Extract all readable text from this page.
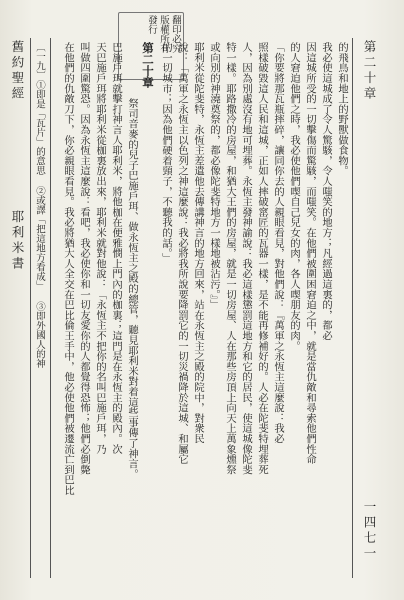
翻印必究
版權所有
發行
第二十章
一四七一
舊約聖經
耶利米書 〔一九〕①即是「瓦片」的意思 ②或譯「把這地方看成」 ③即外國人的神	的飛鳥和地上的野獸做食物。
我必使這城成了令人驚駭，令人嗤笑的地方；凡經過這裏的，都必
因這城所受的一切擊傷而驚駭，而嗤笑。在他們被圍困窘迫之中，就是當仇敵和尋索他們性命
的人窘迫他們之時，我必使他們喫自己兒女的肉，各人喫朋友的肉。
「你要將那瓦瓶摔碎，讓同你去的人親眼看見，對他們說：『萬軍之永恆主這麼說：我必
照樣破毀這人民和這城，正如人摔破窰匠的瓦器一樣，是不能再修補好的。人必在陀斐特埋葬死
人，因為別處沒有地可埋葬。永恆主發神諭說：我必這樣懲罰這地方和它的居民，使這城像陀斐
特一樣。耶路撒冷的房屋，和猶大王們的房屋，就是一切房屋、人在那些房頂上向天上萬象燻祭
或向別的神澆奠祭的，都必像陀斐特地方一樣地被沾污。』」
耶利米從陀斐特，永恆主差遣他去傳講神言的地方回來，站在永恆主之殿的院中，對衆民
說：「萬軍之永恆主以色列之神這麼說：我必將我所說要降罰它的一切災禍降於這城、和屬它
的一切城市；因為他們硬着頸子，不聽我的話。」
第二十章
祭司音麥的兒子巴施戶珥、做永恆主之殿的總管，聽見耶利米對着這些事傳了神言。
巴施戶珥就擊打神言人耶利米，將他枷在便雅憫上門內的枷裏；這門是在永恆主的殿內。次
天巴施戶珥將耶利米從枷裏放出來，耶利米就對他說：「永恆主不把你的名叫巴施戶珥，乃
叫做四圍驚恐。因為永恆主這麼說：看吧，我必使你和一切友愛你的人都覺得恐怖；他們必倒斃
在他們的仇敵刀下，你必親眼看見。我必將猶大人全交在巴比倫王手中，他必使他們被遷流亡到巴比
